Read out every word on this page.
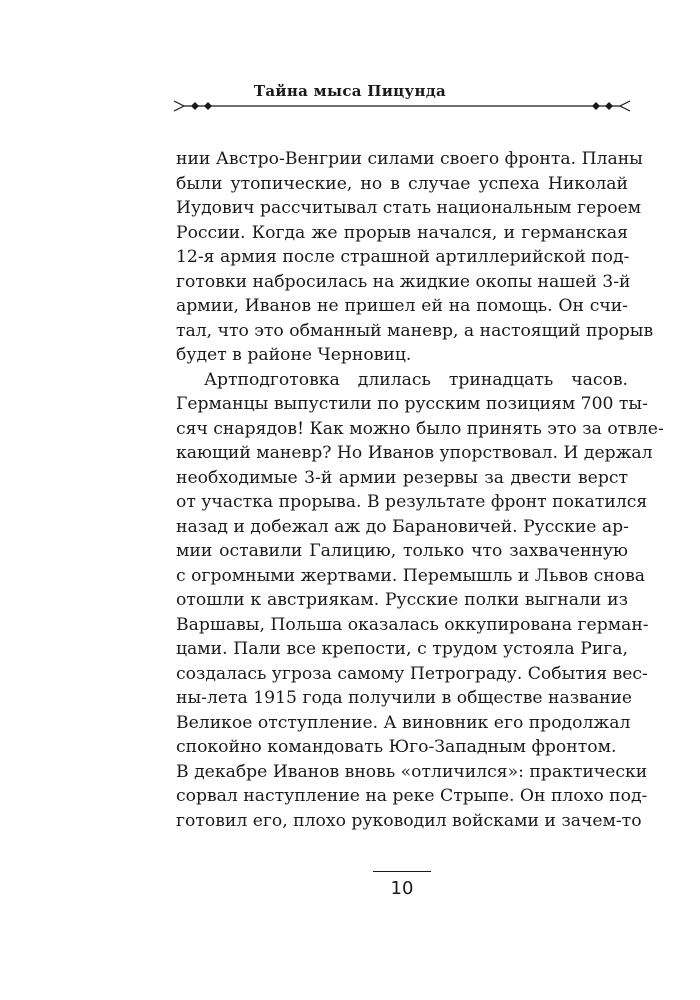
Тайна мыса Пицунда
нии Австро-Венгрии силами своего фронта. Планы
были утопические, но в случае успеха Николай
Иудович рассчитывал стать национальным героем
России. Когда же прорыв начался, и германская
12-я армия после страшной артиллерийской под-
готовки набросилась на жидкие окопы нашей 3-й
армии, Иванов не пришел ей на помощь. Он счи-
тал, что это обманный маневр, а настоящий прорыв
будет в районе Черновиц.
Артподготовка длилась тринадцать часов.
Германцы выпустили по русским позициям 700 ты-
сяч снарядов! Как можно было принять это за отвле-
кающий маневр? Но Иванов упорствовал. И держал
необходимые 3-й армии резервы за двести верст
от участка прорыва. В результате фронт покатился
назад и добежал аж до Барановичей. Русские ар-
мии оставили Галицию, только что захваченную
с огромными жертвами. Перемышль и Львов снова
отошли к австриякам. Русские полки выгнали из
Варшавы, Польша оказалась оккупирована герман-
цами. Пали все крепости, с трудом устояла Рига,
создалась угроза самому Петрограду. События вес-
ны-лета 1915 года получили в обществе название
Великое отступление. А виновник его продолжал
спокойно командовать Юго-Западным фронтом.
В декабре Иванов вновь «отличился»: практически
сорвал наступление на реке Стрыпе. Он плохо под-
готовил его, плохо руководил войсками и зачем-то
10
